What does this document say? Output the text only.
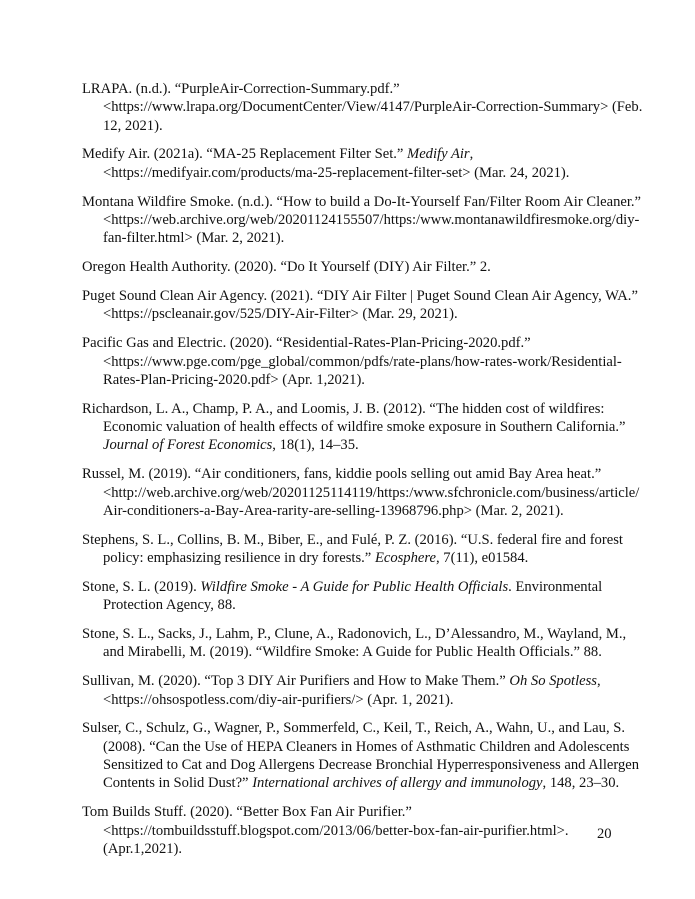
LRAPA. (n.d.). “PurpleAir-Correction-Summary.pdf.”
<https://www.lrapa.org/DocumentCenter/View/4147/PurpleAir-Correction-Summary> (Feb.
12, 2021).
Medify Air. (2021a). “MA-25 Replacement Filter Set.” Medify Air,
<https://medifyair.com/products/ma-25-replacement-filter-set> (Mar. 24, 2021).
Montana Wildfire Smoke. (n.d.). “How to build a Do-It-Yourself Fan/Filter Room Air Cleaner.”
<https://web.archive.org/web/20201124155507/https:/www.montanawildfiresmoke.org/diy-
fan-filter.html> (Mar. 2, 2021).
Oregon Health Authority. (2020). “Do It Yourself (DIY) Air Filter.” 2.
Puget Sound Clean Air Agency. (2021). “DIY Air Filter | Puget Sound Clean Air Agency, WA.”
<https://pscleanair.gov/525/DIY-Air-Filter> (Mar. 29, 2021).
Pacific Gas and Electric. (2020). “Residential-Rates-Plan-Pricing-2020.pdf.”
<https://www.pge.com/pge_global/common/pdfs/rate-plans/how-rates-work/Residential-
Rates-Plan-Pricing-2020.pdf> (Apr. 1,2021).
Richardson, L. A., Champ, P. A., and Loomis, J. B. (2012). “The hidden cost of wildfires:
Economic valuation of health effects of wildfire smoke exposure in Southern California.”
Journal of Forest Economics, 18(1), 14–35.
Russel, M. (2019). “Air conditioners, fans, kiddie pools selling out amid Bay Area heat.”
<http://web.archive.org/web/20201125114119/https:/www.sfchronicle.com/business/article/
Air-conditioners-a-Bay-Area-rarity-are-selling-13968796.php> (Mar. 2, 2021).
Stephens, S. L., Collins, B. M., Biber, E., and Fulé, P. Z. (2016). “U.S. federal fire and forest
policy: emphasizing resilience in dry forests.” Ecosphere, 7(11), e01584.
Stone, S. L. (2019). Wildfire Smoke - A Guide for Public Health Officials. Environmental
Protection Agency, 88.
Stone, S. L., Sacks, J., Lahm, P., Clune, A., Radonovich, L., D’Alessandro, M., Wayland, M.,
and Mirabelli, M. (2019). “Wildfire Smoke: A Guide for Public Health Officials.” 88.
Sullivan, M. (2020). “Top 3 DIY Air Purifiers and How to Make Them.” Oh So Spotless,
<https://ohsospotless.com/diy-air-purifiers/> (Apr. 1, 2021).
Sulser, C., Schulz, G., Wagner, P., Sommerfeld, C., Keil, T., Reich, A., Wahn, U., and Lau, S.
(2008). “Can the Use of HEPA Cleaners in Homes of Asthmatic Children and Adolescents
Sensitized to Cat and Dog Allergens Decrease Bronchial Hyperresponsiveness and Allergen
Contents in Solid Dust?” International archives of allergy and immunology, 148, 23–30.
Tom Builds Stuff. (2020). “Better Box Fan Air Purifier.”
<https://tombuildsstuff.blogspot.com/2013/06/better-box-fan-air-purifier.html>.
(Apr.1,2021).
20
